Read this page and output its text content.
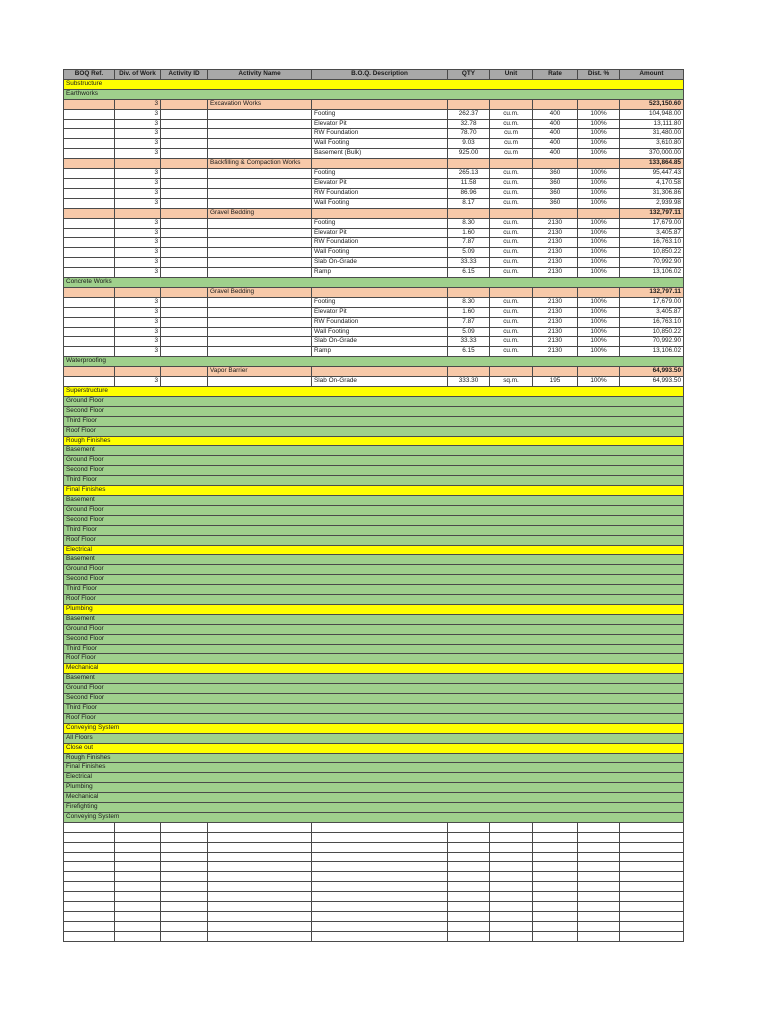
BOQ Ref.	Div. of Work	Activity ID	Activity Name	B.O.Q. Description	QTY	Unit	Rate	Dist. %	Amount
Substructure									
Earthworks									
	3		Excavation Works						523,150.60
	3			Footing	262.37	cu.m.	400	100%	104,948.00
	3			Elevator Pit	32.78	cu.m.	400	100%	13,111.80
	3			RW Foundation	78.70	cu.m	400	100%	31,480.00
	3			Wall Footing	9.03	cu.m	400	100%	3,610.80
	3			Basement (Bulk)	925.00	cu.m	400	100%	370,000.00
			Backfilling & Compaction Works						133,864.85
	3			Footing	265.13	cu.m.	360	100%	95,447.43
	3			Elevator Pit	11.58	cu.m.	360	100%	4,170.58
	3			RW Foundation	86.96	cu.m.	360	100%	31,306.86
	3			Wall Footing	8.17	cu.m.	360	100%	2,939.98
			Gravel Bedding						132,797.11
	3			Footing	8.30	cu.m.	2130	100%	17,679.00
	3			Elevator Pit	1.60	cu.m.	2130	100%	3,405.87
	3			RW Foundation	7.87	cu.m.	2130	100%	16,763.10
	3			Wall Footing	5.09	cu.m.	2130	100%	10,850.22
	3			Slab On-Grade	33.33	cu.m.	2130	100%	70,992.90
	3			Ramp	6.15	cu.m.	2130	100%	13,106.02
Concrete Works									
			Gravel Bedding						132,797.11
	3			Footing	8.30	cu.m.	2130	100%	17,679.00
	3			Elevator Pit	1.60	cu.m.	2130	100%	3,405.87
	3			RW Foundation	7.87	cu.m.	2130	100%	16,763.10
	3			Wall Footing	5.09	cu.m.	2130	100%	10,850.22
	3			Slab On-Grade	33.33	cu.m.	2130	100%	70,992.90
	3			Ramp	6.15	cu.m.	2130	100%	13,106.02
Waterproofing									
			Vapor Barrier						64,993.50
	3			Slab On-Grade	333.30	sq.m.	195	100%	64,993.50
Superstructure									
Ground Floor									
Second Floor									
Third Floor									
Roof Floor									
Rough Finishes									
Basement									
Ground Floor									
Second Floor									
Third Floor									
Final Finishes									
Basement									
Ground Floor									
Second Floor									
Third Floor									
Roof Floor									
Electrical									
Basement									
Ground Floor									
Second Floor									
Third Floor									
Roof Floor									
Plumbing									
Basement									
Ground Floor									
Second Floor									
Third Floor									
Roof Floor									
Mechanical									
Basement									
Ground Floor									
Second Floor									
Third Floor									
Roof Floor									
Conveying System									
All Floors									
Close out									
Rough Finishes									
Final Finishes									
Electrical									
Plumbing									
Mechanical									
Firefighting									
Conveying System									
